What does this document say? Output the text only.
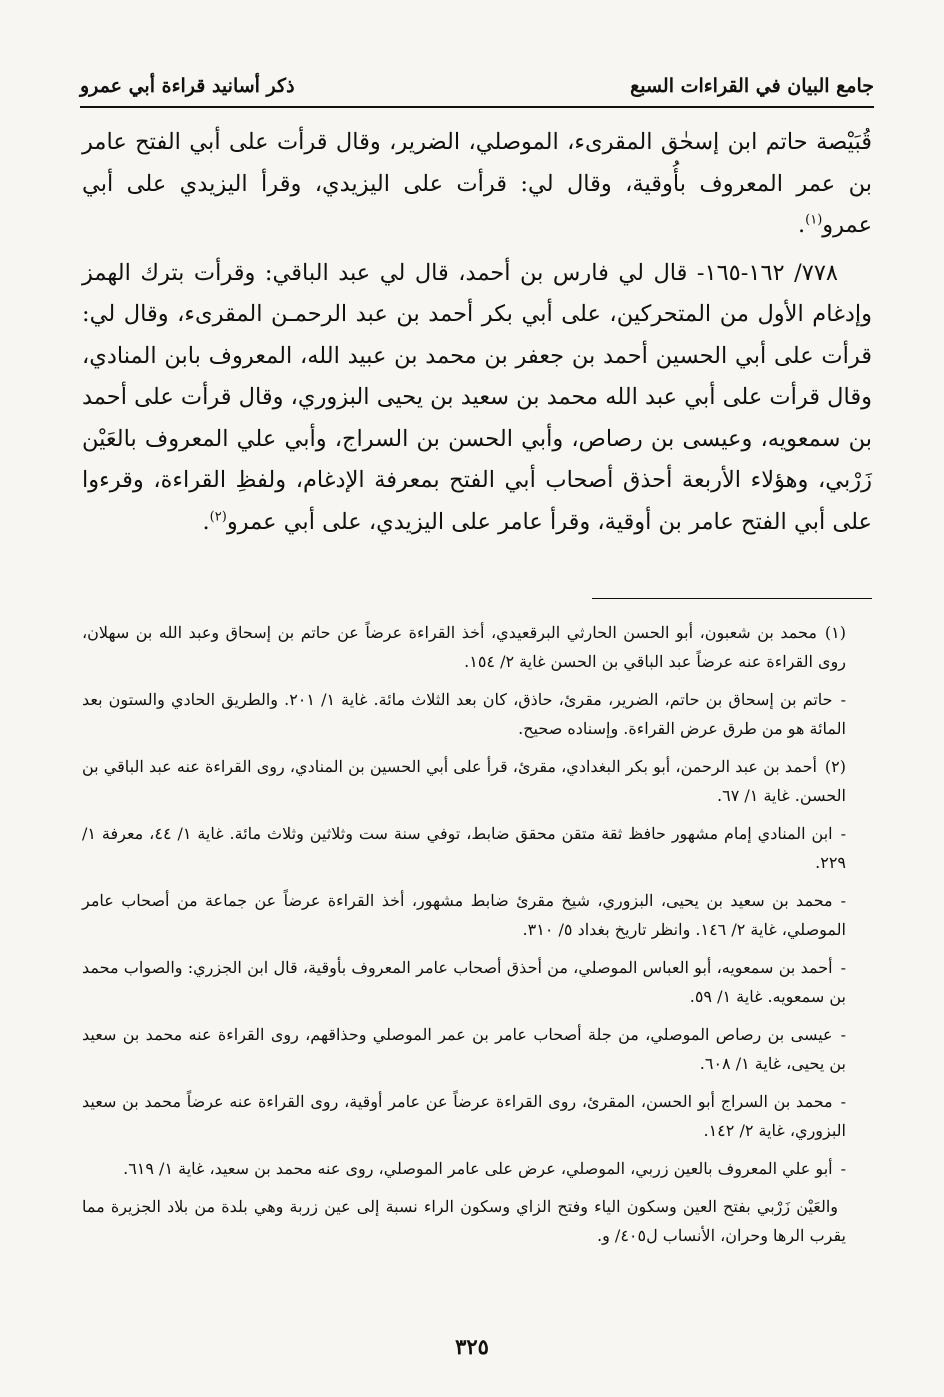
جامع البيان في القراءات السبع
ذكر أسانيد قراءة أبي عمرو

قُبَيْصة حاتم ابن إسحٰق المقرىء، الموصلي، الضرير، وقال قرأت على أبي الفتح عامر بن عمر المعروف بأُوقية، وقال لي: قرأت على اليزيدي، وقرأ اليزيدي على أبي عمرو$^{(١)}$.

٧٧٨/ ١٦٢-١٦٥- قال لي فارس بن أحمد، قال لي عبد الباقي: وقرأت بترك الهمز وإدغام الأول من المتحركين، على أبي بكر أحمد بن عبد الرحمـن المقرىء، وقال لي: قرأت على أبي الحسين أحمد بن جعفر بن محمد بن عبيد الله، المعروف بابن المنادي، وقال قرأت على أبي عبد الله محمد بن سعيد بن يحيى البزوري، وقال قرأت على أحمد بن سمعويه، وعيسى بن رصاص، وأبي الحسن بن السراج، وأبي علي المعروف بالعَيْن زَرْبي، وهؤلاء الأربعة أحذق أصحاب أبي الفتح بمعرفة الإدغام، ولفظِ القراءة، وقرءوا على أبي الفتح عامر بن أوقية، وقرأ عامر على اليزيدي، على أبي عمرو$^{(٢)}$.

(١)محمد بن شعبون، أبو الحسن الحارثي البرقعيدي، أخذ القراءة عرضاً عن حاتم بن إسحاق وعبد الله بن سهلان، روى القراءة عنه عرضاً عبد الباقي بن الحسن غاية ٢/ ١٥٤.

-حاتم بن إسحاق بن حاتم، الضرير، مقرئ، حاذق، كان بعد الثلاث مائة. غاية ١/ ٢٠١. والطريق الحادي والستون بعد المائة هو من طرق عرض القراءة. وإسناده صحيح.

(٢)أحمد بن عبد الرحمن، أبو بكر البغدادي، مقرئ، قرأ على أبي الحسين بن المنادي، روى القراءة عنه عبد الباقي بن الحسن. غاية ١/ ٦٧.

-ابن المنادي إمام مشهور حافظ ثقة متقن محقق ضابط، توفي سنة ست وثلاثين وثلاث مائة. غاية ١/ ٤٤، معرفة ١/ ٢٢٩.

-محمد بن سعيد بن يحيى، البزوري، شيخ مقرئ ضابط مشهور، أخذ القراءة عرضاً عن جماعة من أصحاب عامر الموصلي، غاية ٢/ ١٤٦. وانظر تاريخ بغداد ٥/ ٣١٠.

-أحمد بن سمعويه، أبو العباس الموصلي، من أحذق أصحاب عامر المعروف بأوقية، قال ابن الجزري: والصواب محمد بن سمعويه. غاية ١/ ٥٩.

-عيسى بن رصاص الموصلي، من جلة أصحاب عامر بن عمر الموصلي وحذاقهم، روى القراءة عنه محمد بن سعيد بن يحيى، غاية ١/ ٦٠٨.

-محمد بن السراج أبو الحسن، المقرئ، روى القراءة عرضاً عن عامر أوقية، روى القراءة عنه عرضاً محمد بن سعيد البزوري، غاية ٢/ ١٤٢.

-أبو علي المعروف بالعين زربي، الموصلي، عرض على عامر الموصلي، روى عنه محمد بن سعيد، غاية ١/ ٦١٩.

والعَيْن زَرْبي بفتح العين وسكون الياء وفتح الزاي وسكون الراء نسبة إلى عين زربة وهي بلدة من بلاد الجزيرة مما يقرب الرها وحران، الأنساب ل٤٠٥/ و.

٣٢٥
